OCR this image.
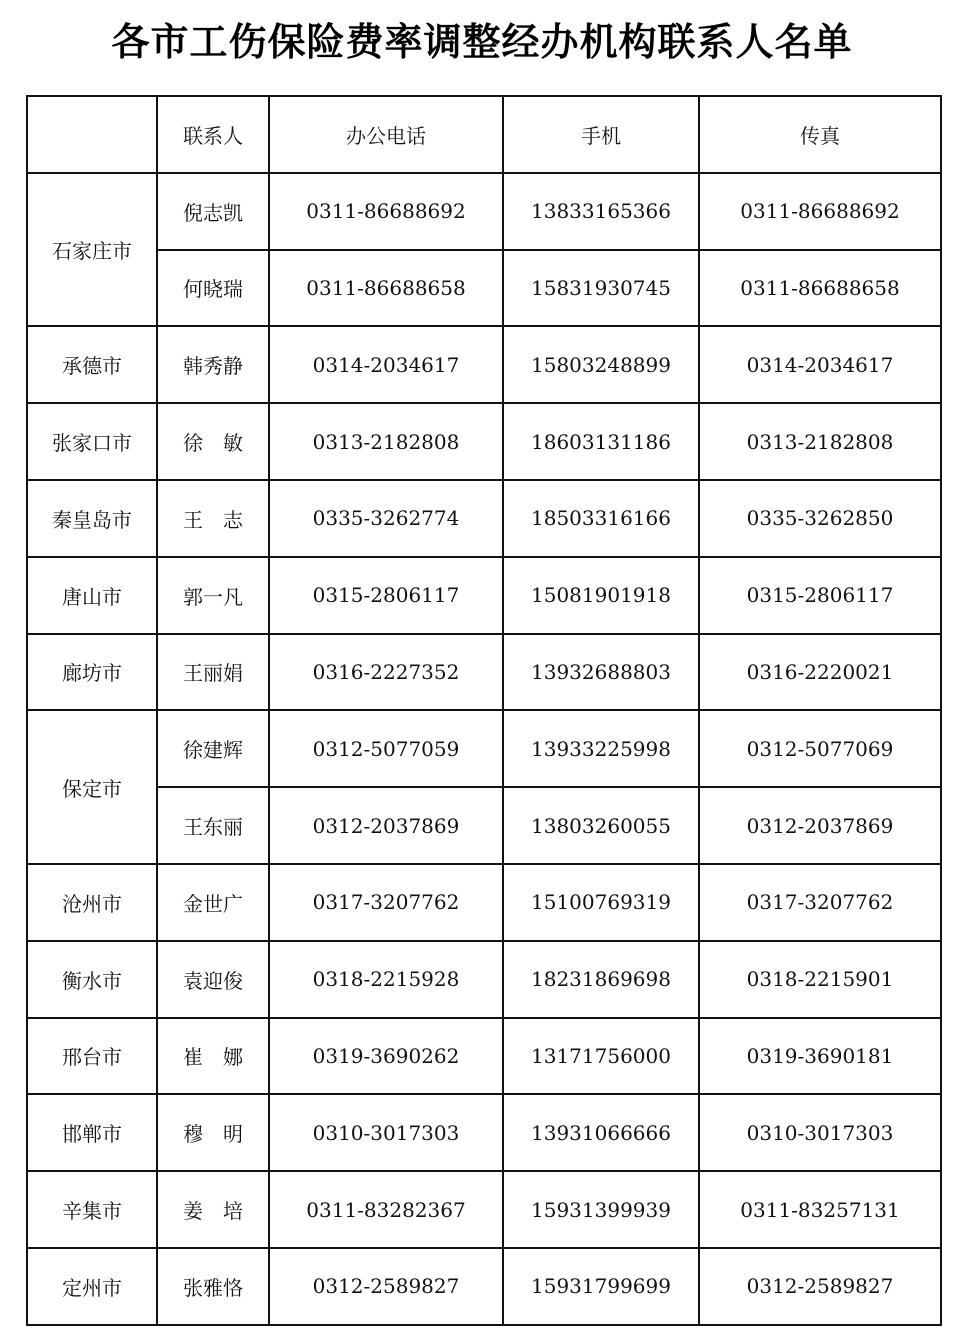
各市工伤保险费率调整经办机构联系人名单
	联系人	办公电话	手机	传真
石家庄市	倪志凯	0311-86688692	13833165366	0311-86688692
	何晓瑞	0311-86688658	15831930745	0311-86688658
承德市	韩秀静	0314-2034617	15803248899	0314-2034617
张家口市	徐　敏	0313-2182808	18603131186	0313-2182808
秦皇岛市	王　志	0335-3262774	18503316166	0335-3262850
唐山市	郭一凡	0315-2806117	15081901918	0315-2806117
廊坊市	王丽娟	0316-2227352	13932688803	0316-2220021
保定市	徐建辉	0312-5077059	13933225998	0312-5077069
	王东丽	0312-2037869	13803260055	0312-2037869
沧州市	金世广	0317-3207762	15100769319	0317-3207762
衡水市	袁迎俊	0318-2215928	18231869698	0318-2215901
邢台市	崔　娜	0319-3690262	13171756000	0319-3690181
邯郸市	穆　明	0310-3017303	13931066666	0310-3017303
辛集市	姜　培	0311-83282367	15931399939	0311-83257131
定州市	张雅恪	0312-2589827	15931799699	0312-2589827
